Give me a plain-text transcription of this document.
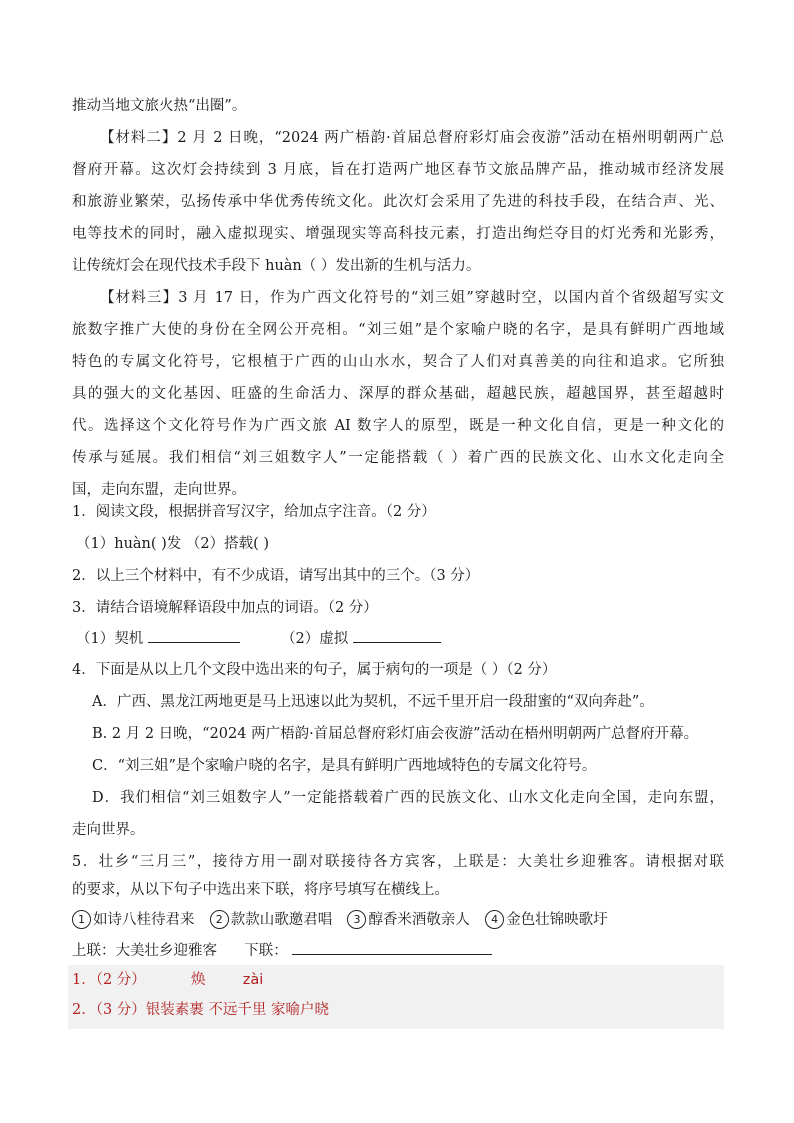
推动当地文旅火热“出圈”。
【材料二】2 月 2 日晚，“2024 两广梧韵·首届总督府彩灯庙会夜游”活动在梧州明朝两广总
督府开幕。这次灯会持续到 3 月底，旨在打造两广地区春节文旅品牌产品，推动城市经济发展
和旅游业繁荣，弘扬传承中华优秀传统文化。此次灯会采用了先进的科技手段，在结合声、光、
电等技术的同时，融入虚拟现实、增强现实等高科技元素，打造出绚烂夺目的灯光秀和光影秀，
让传统灯会在现代技术手段下 huàn（ ）发出新的生机与活力。
【材料三】3 月 17 日，作为广西文化符号的“刘三姐”穿越时空，以国内首个省级超写实文
旅数字推广大使的身份在全网公开亮相。“刘三姐”是个家喻户晓的名字，是具有鲜明广西地域
特色的专属文化符号，它根植于广西的山山水水，契合了人们对真善美的向往和追求。它所独
具的强大的文化基因、旺盛的生命活力、深厚的群众基础，超越民族，超越国界，甚至超越时
代。选择这个文化符号作为广西文旅 AI 数字人的原型，既是一种文化自信，更是一种文化的
传承与延展。我们相信“刘三姐数字人”一定能搭载（ ）着广西的民族文化、山水文化走向全
国，走向东盟，走向世界。
1．阅读文段，根据拼音写汉字，给加点字注音。（2 分）
（1）huàn( )发 （2）搭载( )
2．以上三个材料中，有不少成语，请写出其中的三个。（3 分）
3．请结合语境解释语段中加点的词语。（2 分）
（1）契机	（2）虚拟
4．下面是从以上几个文段中选出来的句子，属于病句的一项是（ ）（2 分）
A．广西、黑龙江两地更是马上迅速以此为契机，不远千里开启一段甜蜜的“双向奔赴”。
B. 2 月 2 日晚，“2024 两广梧韵·首届总督府彩灯庙会夜游”活动在梧州明朝两广总督府开幕。
C．“刘三姐”是个家喻户晓的名字，是具有鲜明广西地域特色的专属文化符号。
D．我们相信“刘三姐数字人”一定能搭载着广西的民族文化、山水文化走向全国，走向东盟，
走向世界。
5．壮乡“三月三”，接待方用一副对联接待各方宾客，上联是：大美壮乡迎雅客。请根据对联
的要求，从以下句子中选出来下联，将序号填写在横线上。
1 如诗八桂待君来 2 款款山歌邀君唱 3 醇香米酒敬亲人 4 金色壮锦映歌圩
上联：大美壮乡迎雅客 下联：
1．（2 分）	焕	zài
2．（3 分）银装素裹 不远千里 家喻户晓
